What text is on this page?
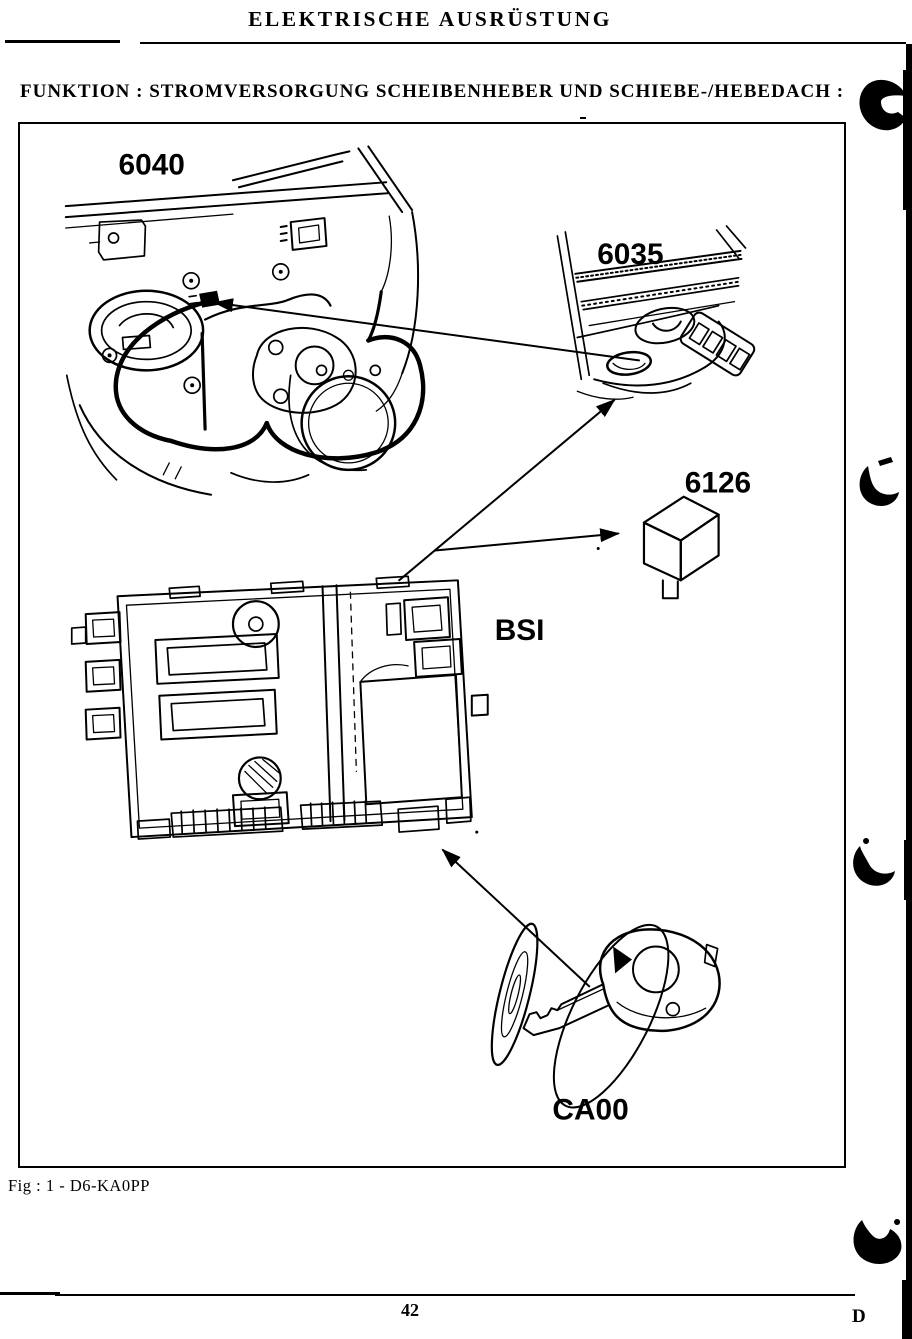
ELEKTRISCHE AUSRÜSTUNG
FUNKTION : STROMVERSORGUNG SCHEIBENHEBER UND SCHIEBE-/HEBEDACH :
6040
6035
6126
BSI
CA00
Fig : 1 - D6-KA0PP
42	D
